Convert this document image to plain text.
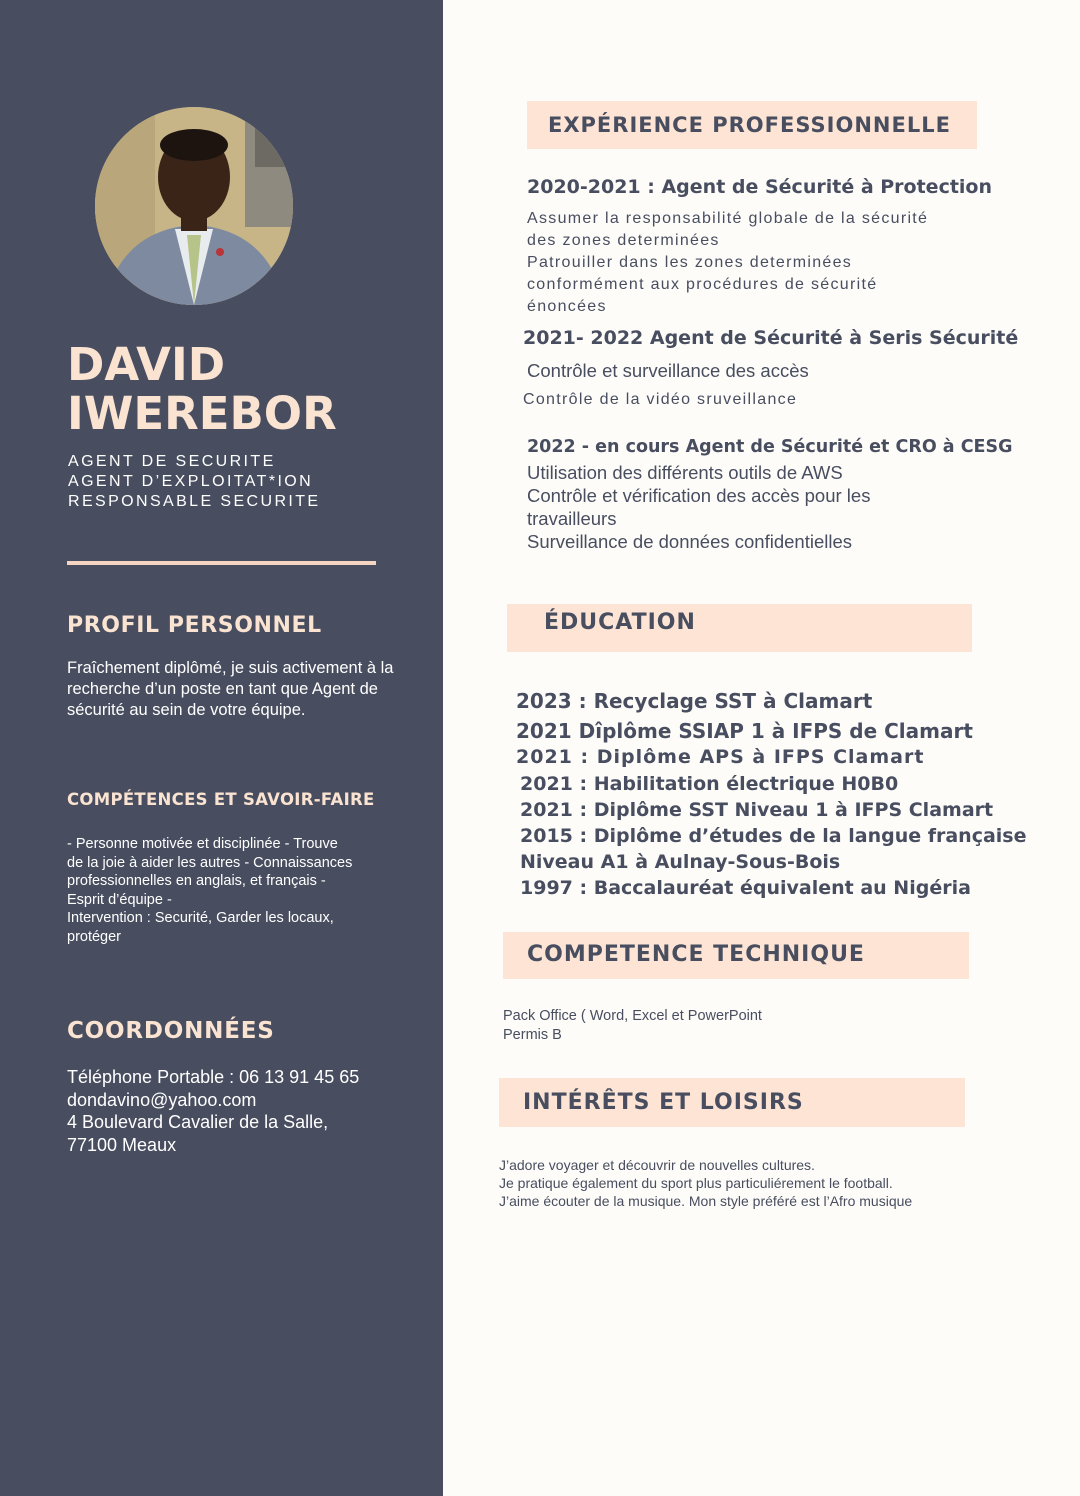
DAVID
IWEREBOR
AGENT DE SECURITE
AGENT D’EXPLOITAT*ION
RESPONSABLE SECURITE
PROFIL PERSONNEL
Fraîchement diplômé, je suis activement à la recherche d’un poste en tant que Agent de sécurité au sein de votre équipe.
COMPÉTENCES ET SAVOIR-FAIRE
- Personne motivée et disciplinée - Trouve
de la joie à aider les autres - Connaissances
professionnelles en anglais, et français -
Esprit d’équipe -
Intervention : Securité, Garder les locaux,
protéger
COORDONNÉES
Téléphone Portable : 06 13 91 45 65
dondavino@yahoo.com
4 Boulevard Cavalier de la Salle,
77100 Meaux
EXPÉRIENCE PROFESSIONNELLE
2020-2021 : Agent de Sécurité à Protection
Assumer la responsabilité globale de la sécurité
des zones determinées
Patrouiller dans les zones determinées
conformément aux procédures de sécurité
énoncées
2021- 2022 Agent de Sécurité à Seris Sécurité
Contrôle et surveillance des accès
Contrôle de la vidéo sruveillance
2022 - en cours Agent de Sécurité et CRO à CESG
Utilisation des différents outils de AWS
Contrôle et vérification des accès pour les
travailleurs
Surveillance de données confidentielles
ÉDUCATION
2023 : Recyclage SST à Clamart
2021 Dîplôme SSIAP 1 à IFPS de Clamart
2021 : Diplôme APS à IFPS Clamart
2021 : Habilitation électrique H0B0
2021 : Diplôme SST Niveau 1 à IFPS Clamart
2015 : Diplôme d’études de la langue française
Niveau A1 à Aulnay-Sous-Bois
1997 : Baccalauréat équivalent au Nigéria
COMPETENCE TECHNIQUE
Pack Office ( Word, Excel et PowerPoint
Permis B
INTÉRÊTS ET LOISIRS
J’adore voyager et découvrir de nouvelles cultures.
Je pratique également du sport plus particuliérement le football.
J’aime écouter de la musique. Mon style préféré est l’Afro musique
